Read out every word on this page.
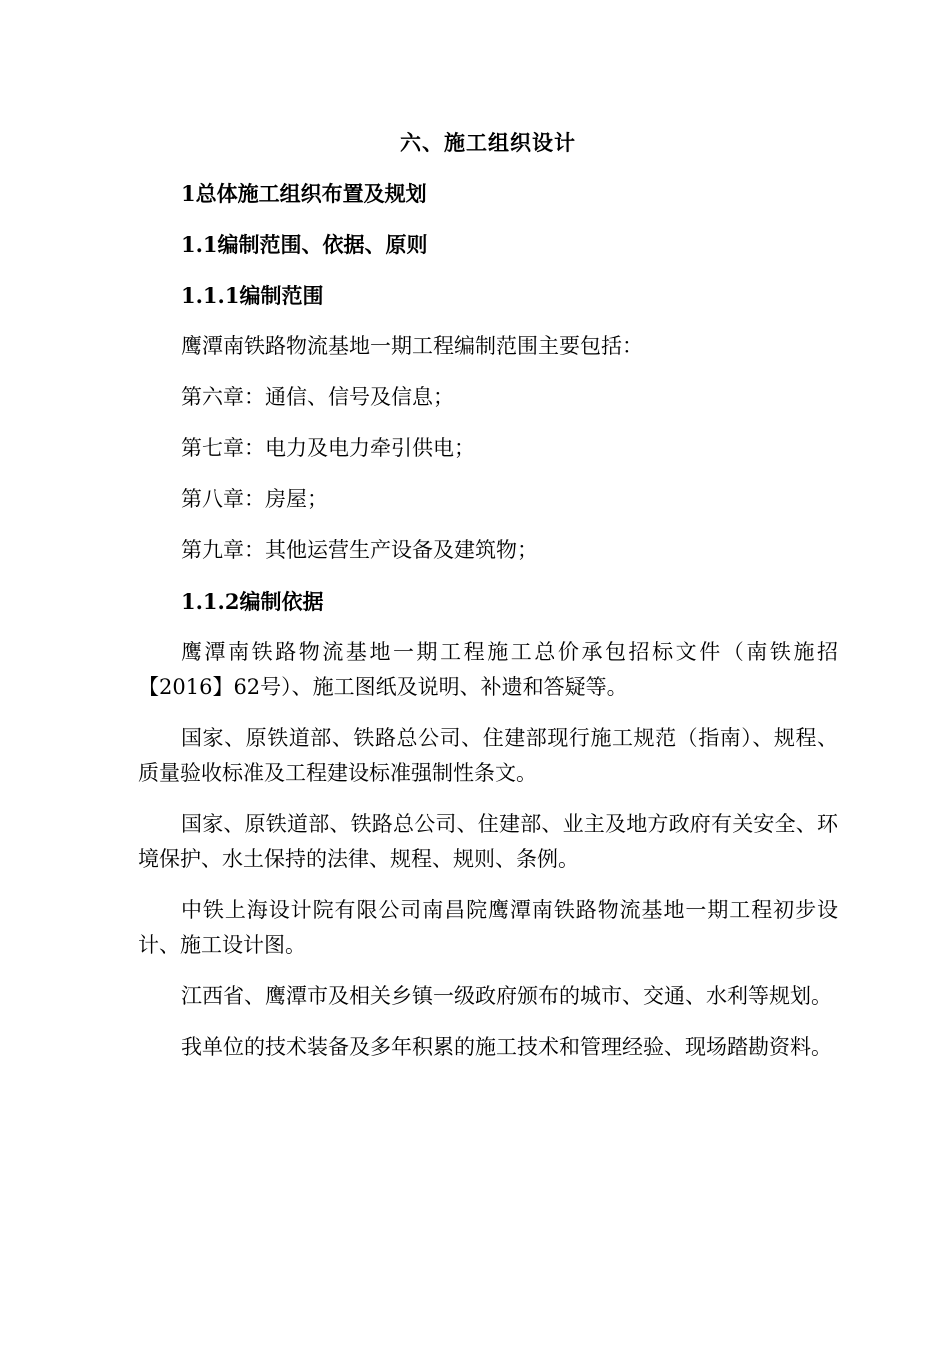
六、施工组织设计

1总体施工组织布置及规划

1.1编制范围、依据、原则

1.1.1编制范围

鹰潭南铁路物流基地一期工程编制范围主要包括：

第六章：通信、信号及信息；

第七章：电力及电力牵引供电；

第八章：房屋；

第九章：其他运营生产设备及建筑物；

1.1.2编制依据

鹰潭南铁路物流基地一期工程施工总价承包招标文件（南铁施招【2016】62号）、施工图纸及说明、补遗和答疑等。

国家、原铁道部、铁路总公司、住建部现行施工规范（指南）、规程、质量验收标准及工程建设标准强制性条文。

国家、原铁道部、铁路总公司、住建部、业主及地方政府有关安全、环境保护、水土保持的法律、规程、规则、条例。

中铁上海设计院有限公司南昌院鹰潭南铁路物流基地一期工程初步设计、施工设计图。

江西省、鹰潭市及相关乡镇一级政府颁布的城市、交通、水利等规划。

我单位的技术装备及多年积累的施工技术和管理经验、现场踏勘资料。
